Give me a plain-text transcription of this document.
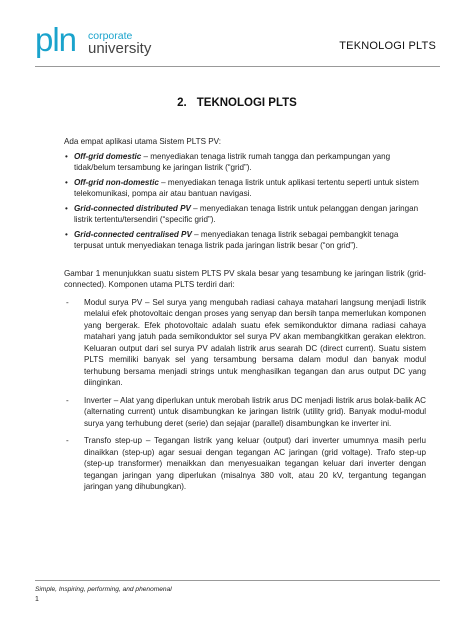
pln corporate
university	TEKNOLOGI PLTS
2. TEKNOLOGI PLTS

Ada empat aplikasi utama Sistem PLTS PV:

• Off-grid domestic – menyediakan tenaga listrik rumah tangga dan perkampungan yang tidak/belum tersambung ke jaringan listrik (“grid”).
• Off-grid non-domestic – menyediakan tenaga listrik untuk aplikasi tertentu seperti untuk sistem telekomunikasi, pompa air atau bantuan navigasi.
• Grid-connected distributed PV – menyediakan tenaga listrik untuk pelanggan dengan jaringan listrik tertentu/tersendiri (“specific grid”).
• Grid-connected centralised PV – menyediakan tenaga listrik sebagai pembangkit tenaga terpusat untuk menyediakan tenaga listrik pada jaringan listrik besar (“on grid”).

Gambar 1 menunjukkan suatu sistem PLTS PV skala besar yang tesambung ke jaringan listrik (grid-connected). Komponen utama PLTS terdiri dari:

- Modul surya PV – Sel surya yang mengubah radiasi cahaya matahari langsung menjadi listrik melalui efek photovoltaic dengan proses yang senyap dan bersih tanpa memerlukan komponen yang bergerak. Efek photovoltaic adalah suatu efek semikonduktor dimana radiasi cahaya matahari yang jatuh pada semikonduktor sel surya PV akan membangkitkan gerakan elektron. Keluaran output dari sel surya PV adalah listrik arus searah DC (direct current). Suatu sistem PLTS memiliki banyak sel yang tersambung bersama dalam modul dan banyak modul terhubung bersama menjadi strings untuk menghasilkan tegangan dan arus output DC yang diinginkan.
- Inverter – Alat yang diperlukan untuk merobah listrik arus DC menjadi listrik arus bolak-balik AC (alternating current) untuk disambungkan ke jaringan listrik (utility grid). Banyak modul-modul surya yang terhubung deret (serie) dan sejajar (parallel) disambungkan ke inverter ini.
- Transfo step-up – Tegangan listrik yang keluar (output) dari inverter umumnya masih perlu dinaikkan (step-up) agar sesuai dengan tegangan AC jaringan (grid voltage). Trafo step-up (step-up transformer) menaikkan dan menyesuaikan tegangan keluar dari inverter dengan tegangan jaringan yang diperlukan (misalnya 380 volt, atau 20 kV, tergantung tegangan jaringan yang dihubungkan).
Simple, Inspiring, performing, and phenomenal
1
